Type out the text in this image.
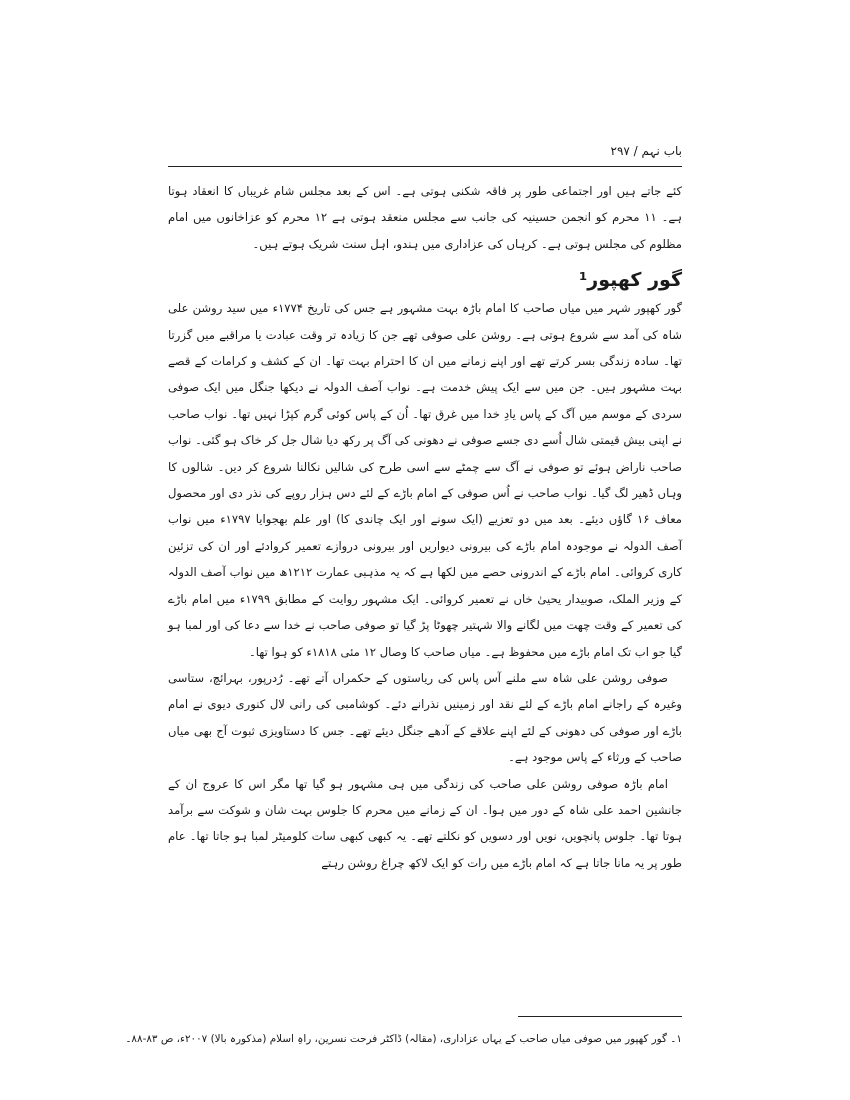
باب نہم / ۲۹۷

کئے جاتے ہیں اور اجتماعی طور پر فاقہ شکنی ہوتی ہے۔ اس کے بعد مجلس شام غریباں کا انعقاد ہوتا ہے۔ ۱۱ محرم کو انجمن حسینیہ کی جانب سے مجلس منعقد ہوتی ہے ۱۲ محرم کو عزاخانوں میں امام مظلوم کی مجلس ہوتی ہے۔ کرہاں کی عزاداری میں ہندو، اہل سنت شریک ہوتے ہیں۔

گور کھپور¹

گور کھپور شہر میں میاں صاحب کا امام باڑہ بہت مشہور ہے جس کی تاریخ ۱۷۷۴ء میں سید روشن علی شاہ کی آمد سے شروع ہوتی ہے۔ روشن علی صوفی تھے جن کا زیادہ تر وقت عبادت یا مراقبے میں گزرتا تھا۔ سادہ زندگی بسر کرتے تھے اور اپنے زمانے میں ان کا احترام بہت تھا۔ ان کے کشف و کرامات کے قصے بہت مشہور ہیں۔ جن میں سے ایک پیش خدمت ہے۔ نواب آصف الدولہ نے دیکھا جنگل میں ایک صوفی سردی کے موسم میں آگ کے پاس یادِ خدا میں غرق تھا۔ اُن کے پاس کوئی گرم کپڑا نہیں تھا۔ نواب صاحب نے اپنی بیش قیمتی شال اُسے دی جسے صوفی نے دھونی کی آگ پر رکھ دیا شال جل کر خاک ہو گئی۔ نواب صاحب ناراض ہوئے تو صوفی نے آگ سے چمٹے سے اسی طرح کی شالیں نکالنا شروع کر دیں۔ شالوں کا وہاں ڈھیر لگ گیا۔ نواب صاحب نے اُس صوفی کے امام باڑے کے لئے دس ہزار روپے کی نذر دی اور محصول معاف ۱۶ گاؤں دیئے۔ بعد میں دو تعزیے (ایک سونے اور ایک چاندی کا) اور علم بھجوایا ۱۷۹۷ء میں نواب آصف الدولہ نے موجودہ امام باڑے کی بیرونی دیواریں اور بیرونی دروازے تعمیر کروادئے اور ان کی تزئین کاری کروائی۔ امام باڑے کے اندرونی حصے میں لکھا ہے کہ یہ مذہبی عمارت ۱۲۱۲ھ میں نواب آصف الدولہ کے وزیر الملک، صوبیدار یحییٰ خاں نے تعمیر کروائی۔ ایک مشہور روایت کے مطابق ۱۷۹۹ء میں امام باڑے کی تعمیر کے وقت چھت میں لگانے والا شہتیر چھوٹا پڑ گیا تو صوفی صاحب نے خدا سے دعا کی اور لمبا ہو گیا جو اب تک امام باڑے میں محفوظ ہے۔ میاں صاحب کا وصال ۱۲ مئی ۱۸۱۸ء کو ہوا تھا۔

صوفی روشن علی شاہ سے ملنے آس پاس کی ریاستوں کے حکمراں آتے تھے۔ رُدرپور، بہرائچ، ستاسی وغیرہ کے راجانے امام باڑے کے لئے نقد اور زمینیں نذرانے دئے۔ کوشامبی کی رانی لال کنوری دیوی نے امام باڑے اور صوفی کی دھونی کے لئے اپنے علاقے کے آدھے جنگل دیئے تھے۔ جس کا دستاویزی ثبوت آج بھی میاں صاحب کے ورثاء کے پاس موجود ہے۔

امام باڑہ صوفی روشن علی صاحب کی زندگی میں ہی مشہور ہو گیا تھا مگر اس کا عروج ان کے جانشین احمد علی شاہ کے دور میں ہوا۔ ان کے زمانے میں محرم کا جلوس بہت شان و شوکت سے برآمد ہوتا تھا۔ جلوس پانچویں، نویں اور دسویں کو نکلتے تھے۔ یہ کبھی کبھی سات کلومیٹر لمبا ہو جاتا تھا۔ عام طور پر یہ مانا جاتا ہے کہ امام باڑے میں رات کو ایک لاکھ چراغ روشن رہتے

۱۔ گور کھپور میں صوفی میاں صاحب کے یہاں عزاداری، (مقالہ) ڈاکٹر فرحت نسرین، راہِ اسلام (مذکورہ بالا) ۲۰۰۷ء، ص ۸۳-۸۸۔
